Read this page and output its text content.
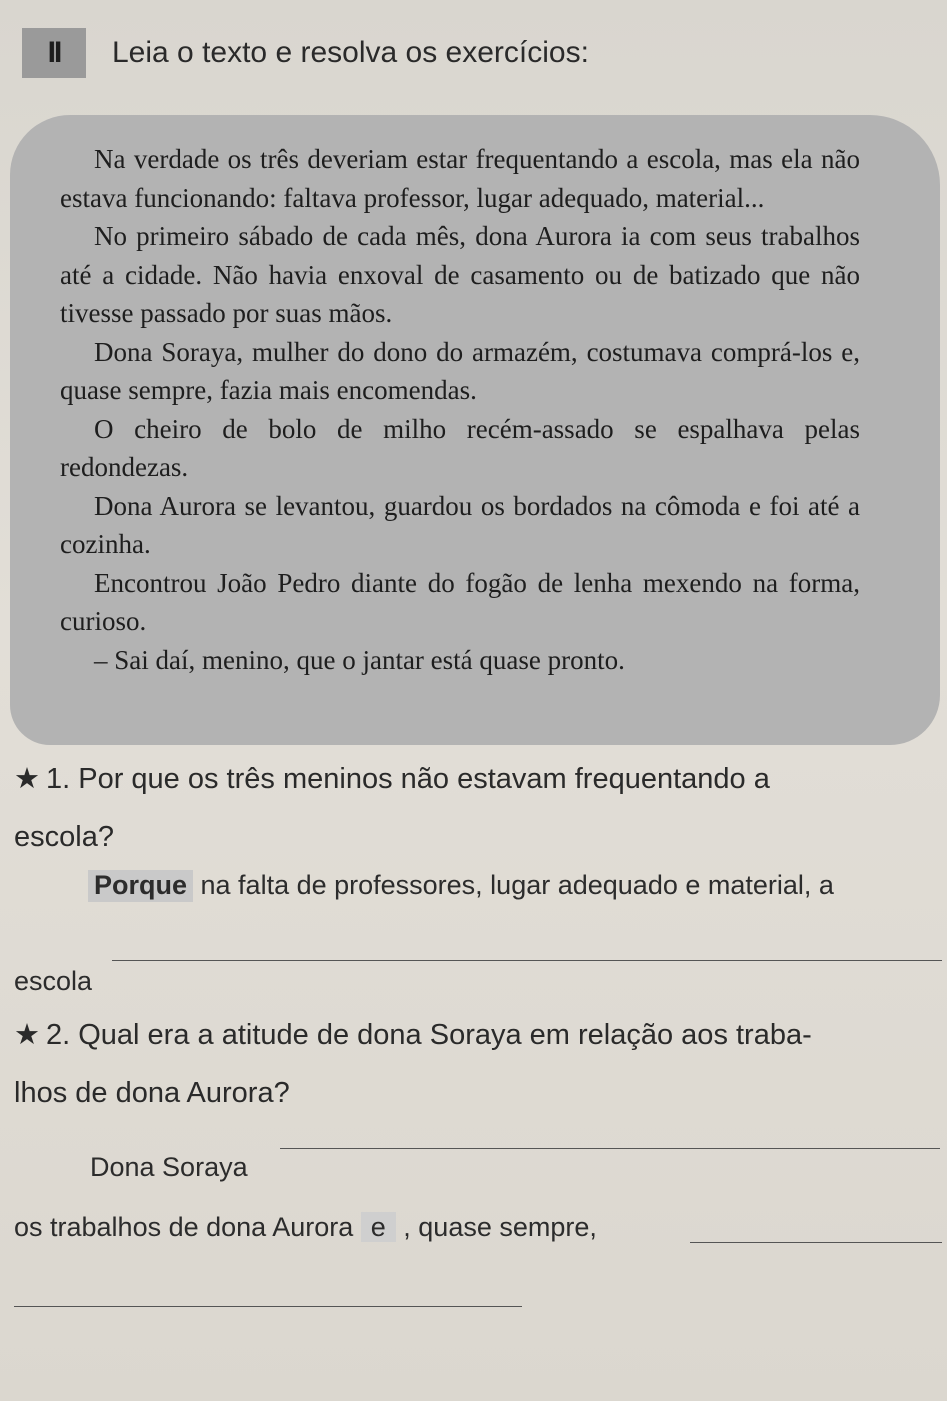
II	Leia o texto e resolva os exercícios:

Na verdade os três deveriam estar frequentando a escola, mas ela não estava funcionando: faltava professor, lugar adequado, material...

No primeiro sábado de cada mês, dona Aurora ia com seus trabalhos até a cidade. Não havia enxoval de casamento ou de batizado que não tivesse passado por suas mãos.

Dona Soraya, mulher do dono do armazém, costumava comprá-los e, quase sempre, fazia mais encomendas.

O cheiro de bolo de milho recém-assado se espalhava pelas redondezas.

Dona Aurora se levantou, guardou os bordados na cômoda e foi até a cozinha.

Encontrou João Pedro diante do fogão de lenha mexendo na forma, curioso.

– Sai daí, menino, que o jantar está quase pronto.

★ 1. Por que os três meninos não estavam frequentando a
escola?
Porque na falta de professores, lugar adequado e material, a
escola
★ 2. Qual era a atitude de dona Soraya em relação aos traba-
lhos de dona Aurora?
Dona Soraya
os trabalhos de dona Aurora e , quase sempre,
